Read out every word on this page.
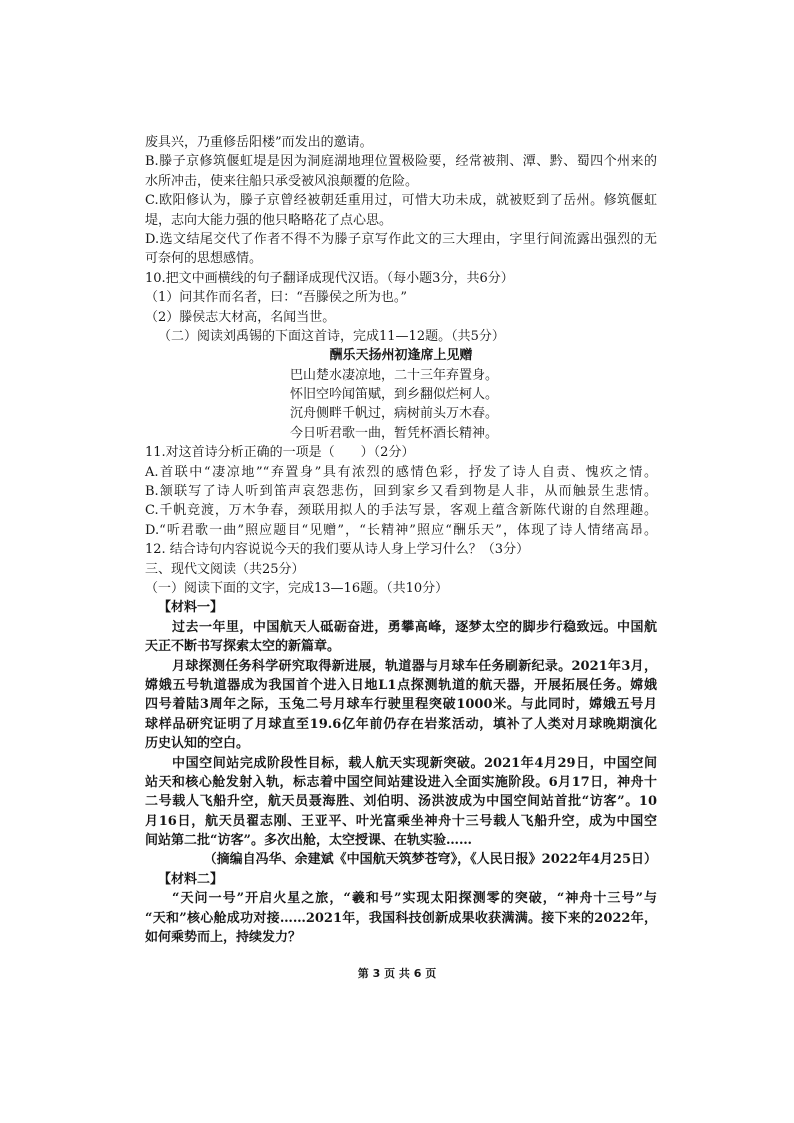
废具兴，乃重修岳阳楼”而发出的邀请。
B.滕子京修筑偃虹堤是因为洞庭湖地理位置极险要，经常被荆、潭、黔、蜀四个州来的
水所冲击，使来往船只承受被风浪颠覆的危险。
C.欧阳修认为，滕子京曾经被朝廷重用过，可惜大功未成，就被贬到了岳州。修筑偃虹
堤，志向大能力强的他只略略花了点心思。
D.选文结尾交代了作者不得不为滕子京写作此文的三大理由，字里行间流露出强烈的无
可奈何的思想感情。
10.把文中画横线的句子翻译成现代汉语。（每小题3分，共6分）
（1）问其作而名者，曰：“吾滕侯之所为也。”
（2）滕侯志大材高，名闻当世。
（二）阅读刘禹锡的下面这首诗，完成11—12题。（共5分）
酬乐天扬州初逢席上见赠
巴山楚水凄凉地，二十三年弃置身。
怀旧空吟闻笛赋，到乡翻似烂柯人。
沉舟侧畔千帆过，病树前头万木春。
今日听君歌一曲，暂凭杯酒长精神。
11.对这首诗分析正确的一项是（　　）（2分）
A.首联中“凄凉地”“弃置身”具有浓烈的感情色彩，抒发了诗人自责、愧疚之情。
B.颔联写了诗人听到笛声哀怨悲伤，回到家乡又看到物是人非，从而触景生悲情。
C.千帆竞渡，万木争春，颈联用拟人的手法写景，客观上蕴含新陈代谢的自然理趣。
D.“听君歌一曲”照应题目“见赠”，“长精神”照应“酬乐天”，体现了诗人情绪高昂。
12. 结合诗句内容说说今天的我们要从诗人身上学习什么？（3分）
三、现代文阅读（共25分）
（一）阅读下面的文字，完成13—16题。（共10分）
【材料一】
过去一年里，中国航天人砥砺奋进，勇攀高峰，逐梦太空的脚步行稳致远。中国航
天正不断书写探索太空的新篇章。
月球探测任务科学研究取得新进展，轨道器与月球车任务刷新纪录。2021年3月，
嫦娥五号轨道器成为我国首个进入日地L1点探测轨道的航天器，开展拓展任务。嫦娥
四号着陆3周年之际，玉兔二号月球车行驶里程突破1000米。与此同时，嫦娥五号月
球样品研究证明了月球直至19.6亿年前仍存在岩浆活动，填补了人类对月球晚期演化
历史认知的空白。
中国空间站完成阶段性目标，载人航天实现新突破。2021年4月29日，中国空间
站天和核心舱发射入轨，标志着中国空间站建设进入全面实施阶段。6月17日，神舟十
二号载人飞船升空，航天员聂海胜、刘伯明、汤洪波成为中国空间站首批“访客”。10
月16日，航天员翟志刚、王亚平、叶光富乘坐神舟十三号载人飞船升空，成为中国空
间站第二批“访客”。多次出舱，太空授课、在轨实验……
（摘编自冯华、余建斌《中国航天筑梦苍穹》，《人民日报》2022年4月25日）
【材料二】
“天问一号”开启火星之旅，“羲和号”实现太阳探测零的突破，“神舟十三号”与
“天和”核心舱成功对接……2021年，我国科技创新成果收获满满。接下来的2022年，
如何乘势而上，持续发力？
第 3 页 共 6 页
